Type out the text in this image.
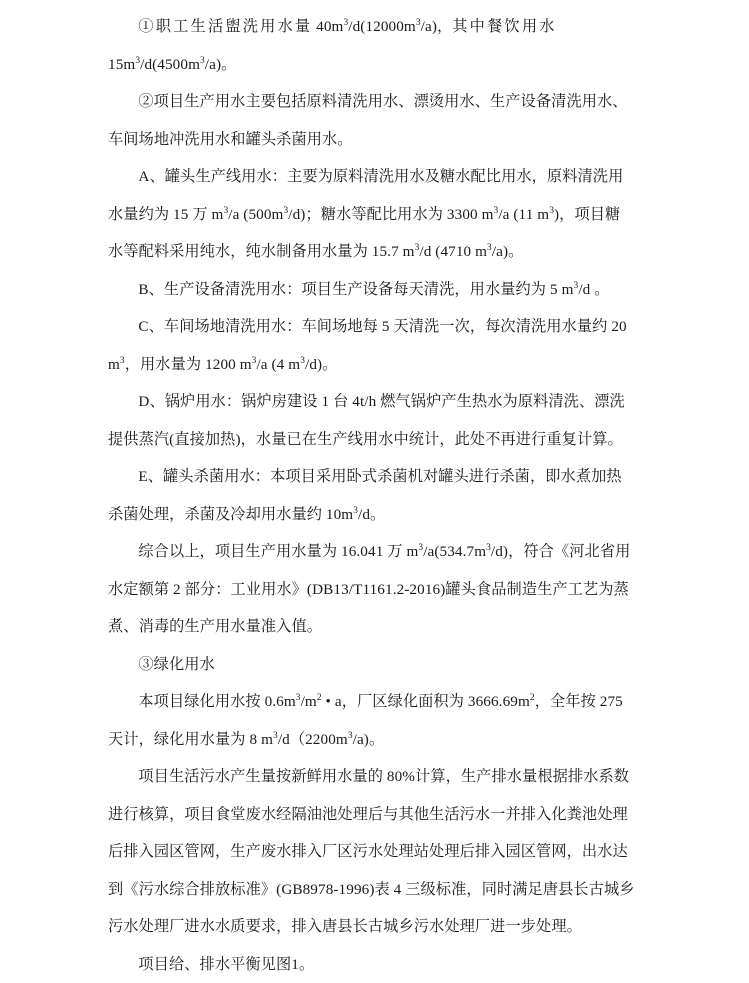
①职工生活盥洗用水量 $40m^3/d(12000m^3/a)$，其中餐饮用水
$15m^3/d(4500m^3/a)$。
②项目生产用水主要包括原料清洗用水、漂烫用水、生产设备清洗用水、
车间场地冲洗用水和罐头杀菌用水。
A、罐头生产线用水：主要为原料清洗用水及糖水配比用水，原料清洗用
水量约为 15 万 $m^3/a$ $(500m^3/d)$；糖水等配比用水为 3300 $m^3/a$ (11 $m^3$)，项目糖
水等配料采用纯水，纯水制备用水量为 15.7 $m^3/d$ (4710 $m^3/a$)。
B、生产设备清洗用水：项目生产设备每天清洗，用水量约为 5 $m^3/d$ 。
C、车间场地清洗用水：车间场地每 5 天清洗一次，每次清洗用水量约 20
$m^3$，用水量为 1200 $m^3/a$ (4 $m^3/d$)。
D、锅炉用水：锅炉房建设 1 台 4t/h 燃气锅炉产生热水为原料清洗、漂洗
提供蒸汽(直接加热)，水量已在生产线用水中统计，此处不再进行重复计算。
E、罐头杀菌用水：本项目采用卧式杀菌机对罐头进行杀菌，即水煮加热
杀菌处理，杀菌及冷却用水量约 $10m^3/d$。
综合以上，项目生产用水量为 16.041 万 $m^3/a(534.7m^3/d)$，符合《河北省用
水定额第 2 部分：工业用水》(DB13/T1161.2-2016)罐头食品制造生产工艺为蒸
煮、消毒的生产用水量准入值。
③绿化用水
本项目绿化用水按 $0.6m^3/m^2$ • a，厂区绿化面积为 $3666.69m^2$，全年按 275
天计，绿化用水量为 8 $m^3/d(2200m^3/a)$。
项目生活污水产生量按新鲜用水量的 80%计算，生产排水量根据排水系数
进行核算，项目食堂废水经隔油池处理后与其他生活污水一并排入化粪池处理
后排入园区管网，生产废水排入厂区污水处理站处理后排入园区管网，出水达
到《污水综合排放标准》(GB8978-1996)表 4 三级标准，同时满足唐县长古城乡
污水处理厂进水水质要求，排入唐县长古城乡污水处理厂进一步处理。
项目给、排水平衡见图1。
